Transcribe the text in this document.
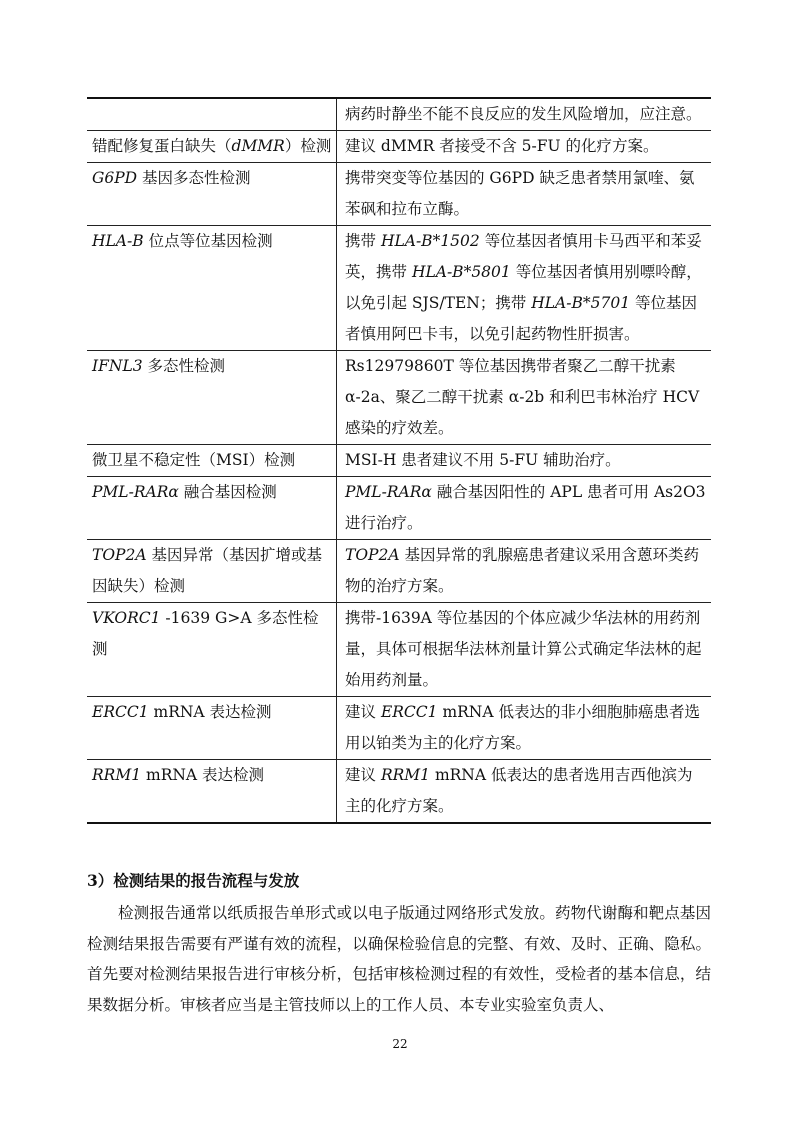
	病药时静坐不能不良反应的发生风险增加，应注意。
错配修复蛋白缺失（dMMR）检测	建议 dMMR 者接受不含 5-FU 的化疗方案。
G6PD 基因多态性检测	携带突变等位基因的 G6PD 缺乏患者禁用氯喹、氨苯砜和拉布立酶。
HLA-B 位点等位基因检测	携带 HLA-B*1502 等位基因者慎用卡马西平和苯妥英，携带 HLA-B*5801 等位基因者慎用别嘌呤醇，以免引起 SJS/TEN；携带 HLA-B*5701 等位基因者慎用阿巴卡韦，以免引起药物性肝损害。
IFNL3 多态性检测	Rs12979860T 等位基因携带者聚乙二醇干扰素 α-2a、聚乙二醇干扰素 α-2b 和利巴韦林治疗 HCV 感染的疗效差。
微卫星不稳定性（MSI）检测	MSI-H 患者建议不用 5-FU 辅助治疗。
PML-RARα 融合基因检测	PML-RARα 融合基因阳性的 APL 患者可用 As2O3 进行治疗。
TOP2A 基因异常（基因扩增或基因缺失）检测	TOP2A 基因异常的乳腺癌患者建议采用含蒽环类药物的治疗方案。
VKORC1 -1639 G>A 多态性检测	携带-1639A 等位基因的个体应减少华法林的用药剂量，具体可根据华法林剂量计算公式确定华法林的起始用药剂量。
ERCC1 mRNA 表达检测	建议 ERCC1 mRNA 低表达的非小细胞肺癌患者选用以铂类为主的化疗方案。
RRM1 mRNA 表达检测	建议 RRM1 mRNA 低表达的患者选用吉西他滨为主的化疗方案。
3）检测结果的报告流程与发放

检测报告通常以纸质报告单形式或以电子版通过网络形式发放。药物代谢酶和靶点基因检测结果报告需要有严谨有效的流程，以确保检验信息的完整、有效、及时、正确、隐私。首先要对检测结果报告进行审核分析，包括审核检测过程的有效性，受检者的基本信息，结果数据分析。审核者应当是主管技师以上的工作人员、本专业实验室负责人、

22
